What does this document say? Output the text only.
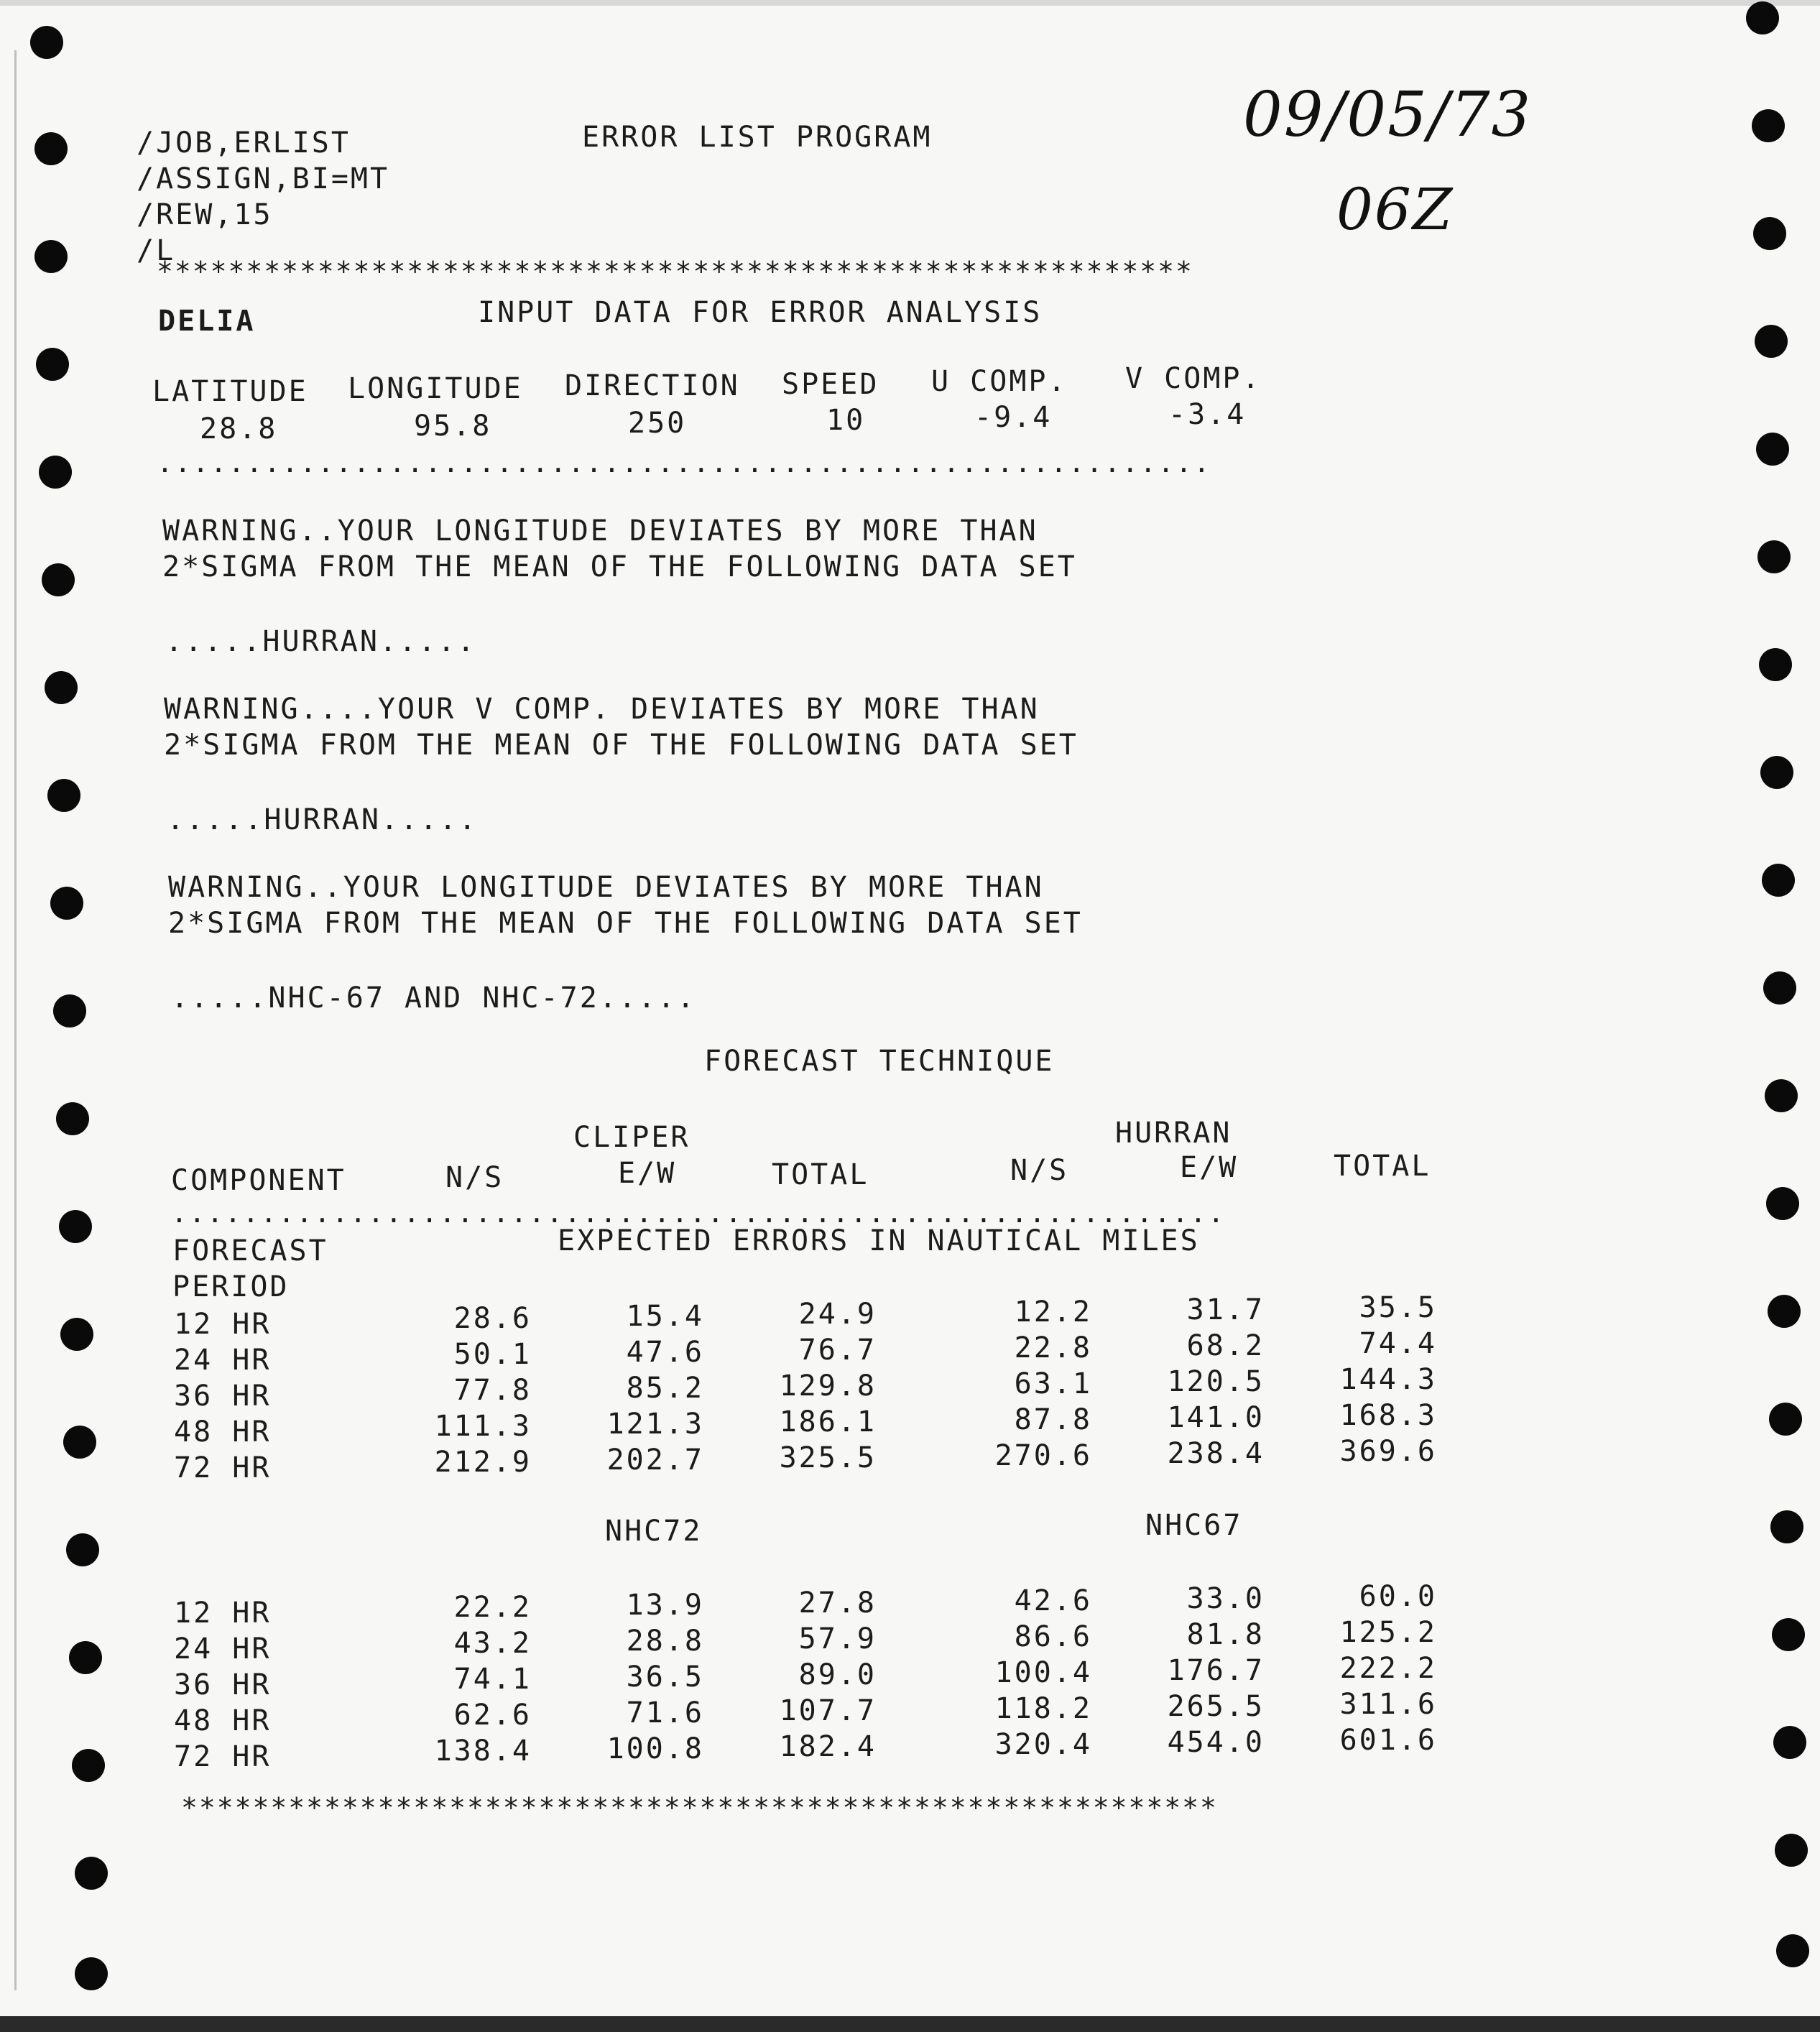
/JOB,ERLIST
/ASSIGN,BI=MT
/REW,15
/L
ERROR LIST PROGRAM	09/05/73
06Z
**********************************************************
DELIA	INPUT DATA FOR ERROR ANALYSIS
LATITUDE LONGITUDE DIRECTION SPEED U COMP. V COMP.
28.8	95.8	250	10	-9.4	-3.4
...........................................................
WARNING..YOUR LONGITUDE DEVIATES BY MORE THAN
2*SIGMA FROM THE MEAN OF THE FOLLOWING DATA SET
.....HURRAN.....
WARNING....YOUR V COMP. DEVIATES BY MORE THAN
2*SIGMA FROM THE MEAN OF THE FOLLOWING DATA SET
.....HURRAN.....
WARNING..YOUR LONGITUDE DEVIATES BY MORE THAN
2*SIGMA FROM THE MEAN OF THE FOLLOWING DATA SET
.....NHC-67 AND NHC-72.....
FORECAST TECHNIQUE
CLIPER	HURRAN
COMPONENT	N/S	E/W	TOTAL	N/S	E/W	TOTAL
...........................................................
FORECAST
PERIOD
EXPECTED ERRORS IN NAUTICAL MILES
12 HR	28.6	15.4	24.9	12.2	31.7	35.5
24 HR	50.1	47.6	76.7	22.8	68.2	74.4
36 HR	77.8	85.2	129.8	63.1	120.5	144.3
48 HR	111.3	121.3	186.1	87.8	141.0	168.3
72 HR	212.9	202.7	325.5	270.6	238.4	369.6
NHC72	NHC67
12 HR	22.2	13.9	27.8	42.6	33.0	60.0
24 HR	43.2	28.8	57.9	86.6	81.8	125.2
36 HR	74.1	36.5	89.0	100.4	176.7	222.2
48 HR	62.6	71.6	107.7	118.2	265.5	311.6
72 HR	138.4	100.8	182.4	320.4	454.0	601.6
**********************************************************
